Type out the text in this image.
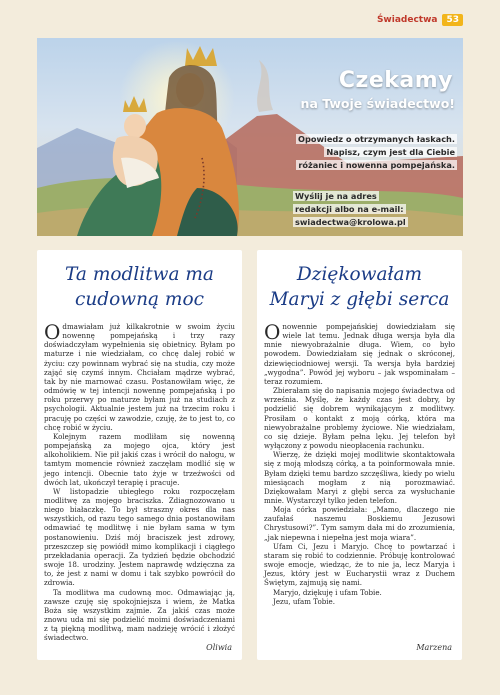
Świadectwa	53
Czekamy
na Twoje świadectwo!
Opowiedz o otrzymanych łaskach.
Napisz, czym jest dla Ciebie
różaniec i nowenna pompejańska.
Wyślij je na adres
redakcji albo na e-mail:
swiadectwa@krolowa.pl
Ta modlitwa ma
cudowną moc

Odmawiałam już kilkakrotnie w swoim życiu nowennę pompejańską i trzy razy doświadczyłam wypełnienia się obietnicy. Byłam po maturze i nie wiedziałam, co chcę dalej robić w życiu: czy powinnam wybrać się na studia, czy może zająć się czymś innym. Chciałam mądrze wybrać, tak by nie marnować czasu. Postanowiłam więc, że odmówię w tej intencji nowennę pompejańską i po roku przerwy po maturze byłam już na studiach z psychologii. Aktualnie jestem już na trzecim roku i pracuję po części w zawodzie, czuję, że to jest to, co chcę robić w życiu.

Kolejnym razem modliłam się nowenną pompejańską za mojego ojca, który jest alkoholikiem. Nie pił jakiś czas i wrócił do nałogu, w tamtym momencie również zaczęłam modlić się w jego intencji. Obecnie tato żyje w trzeźwości od dwóch lat, ukończył terapię i pracuje.

W listopadzie ubiegłego roku rozpoczęłam modlitwę za mojego braciszka. Zdiagnozowano u niego białaczkę. To był straszny okres dla nas wszystkich, od razu tego samego dnia postanowiłam odmawiać tę modlitwę i nie byłam sama w tym postanowieniu. Dziś mój braciszek jest zdrowy, przeszczep się powiódł mimo komplikacji i ciągłego przekładania operacji. Za tydzień będzie obchodzić swoje 18. urodziny. Jestem naprawdę wdzięczna za to, że jest z nami w domu i tak szybko powrócił do zdrowia.

Ta modlitwa ma cudowną moc. Odmawiając ją, zawsze czuję się spokojniejsza i wiem, że Matka Boża się wszystkim zajmie. Za jakiś czas może znowu uda mi się podzielić moimi doświadczeniami z tą piękną modlitwą, mam nadzieję wrócić i złożyć świadectwo.

Oliwia
Dziękowałam
Maryi z głębi serca

O nowennie pompejańskiej dowiedziałam się wiele lat temu. Jednak długa wersja była dla mnie niewyobrażalnie długa. Wiem, co było powodem. Dowiedziałam się jednak o skróconej, dziewięciodniowej wersji. Ta wersja była bardziej „wygodna”. Powód jej wyboru – jak wspominałam – teraz rozumiem.

Zbierałam się do napisania mojego świadectwa od września. Myślę, że każdy czas jest dobry, by podzielić się dobrem wynikającym z modlitwy. Prosiłam o kontakt z moją córką, która ma niewyobrażalne problemy życiowe. Nie wiedziałam, co się dzieje. Byłam pełna lęku. Jej telefon był wyłączony z powodu nieopłacenia rachunku.

Wierzę, że dzięki mojej modlitwie skontaktowała się z moją młodszą córką, a ta poinformowała mnie. Byłam dzięki temu bardzo szczęśliwa, kiedy po wielu miesiącach mogłam z nią porozmawiać. Dziękowałam Maryi z głębi serca za wysłuchanie mnie. Wystarczył tylko jeden telefon.

Moja córka powiedziała: „Mamo, dlaczego nie zaufałaś naszemu Boskiemu Jezusowi Chrystusowi?”. Tym samym dała mi do zrozumienia, „jak niepewna i niepełna jest moja wiara”.

Ufam Ci, Jezu i Maryjo. Chcę to powtarzać i staram się robić to codziennie. Próbuję kontrolować swoje emocje, wiedząc, że to nie ja, lecz Maryja i Jezus, który jest w Eucharystii wraz z Duchem Świętym, zajmują się nami.

Maryjo, dziękuję i ufam Tobie.

Jezu, ufam Tobie.

Marzena
